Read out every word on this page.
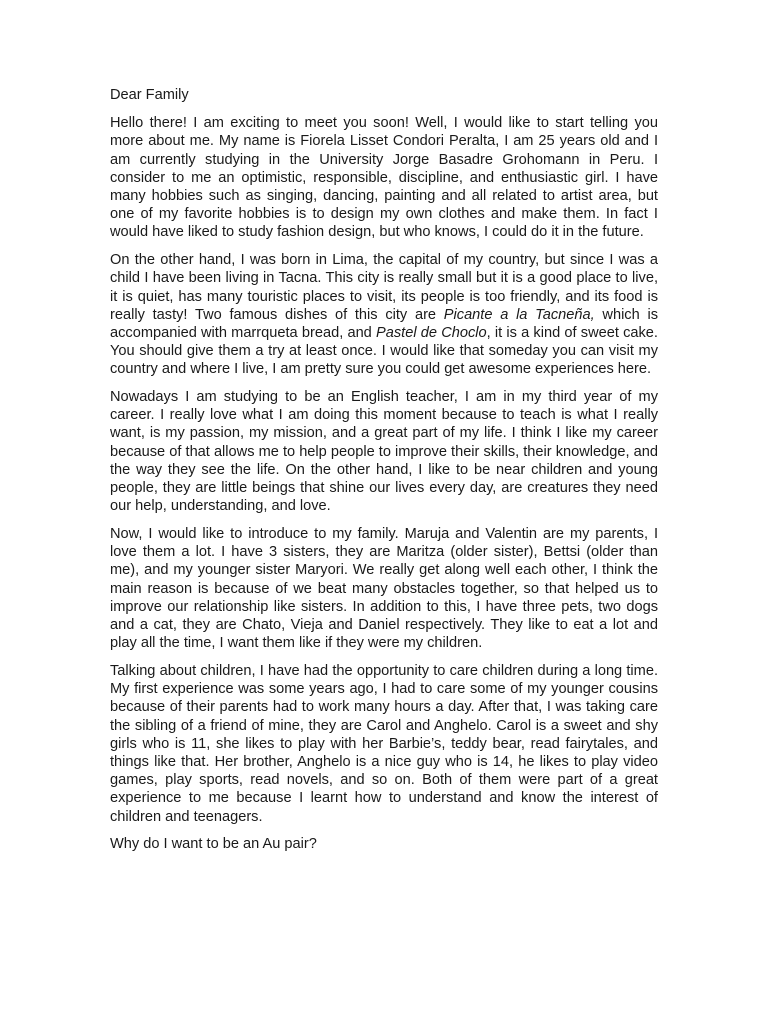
Dear Family

Hello there! I am exciting to meet you soon! Well, I would like to start telling you more about me. My name is Fiorela Lisset Condori Peralta, I am 25 years old and I am currently studying in the University Jorge Basadre Grohomann in Peru. I consider to me an optimistic, responsible, discipline, and enthusiastic girl. I have many hobbies such as singing, dancing, painting and all related to artist area, but one of my favorite hobbies is to design my own clothes and make them. In fact I would have liked to study fashion design, but who knows, I could do it in the future.

On the other hand, I was born in Lima, the capital of my country, but since I was a child I have been living in Tacna. This city is really small but it is a good place to live, it is quiet, has many touristic places to visit, its people is too friendly, and its food is really tasty! Two famous dishes of this city are Picante a la Tacneña, which is accompanied with marrqueta bread, and Pastel de Choclo, it is a kind of sweet cake. You should give them a try at least once. I would like that someday you can visit my country and where I live, I am pretty sure you could get awesome experiences here.

Nowadays I am studying to be an English teacher, I am in my third year of my career. I really love what I am doing this moment because to teach is what I really want, is my passion, my mission, and a great part of my life. I think I like my career because of that allows me to help people to improve their skills, their knowledge, and the way they see the life. On the other hand, I like to be near children and young people, they are little beings that shine our lives every day, are creatures they need our help, understanding, and love.

Now, I would like to introduce to my family. Maruja and Valentin are my parents, I love them a lot. I have 3 sisters, they are Maritza (older sister), Bettsi (older than me), and my younger sister Maryori. We really get along well each other, I think the main reason is because of we beat many obstacles together, so that helped us to improve our relationship like sisters. In addition to this, I have three pets, two dogs and a cat, they are Chato, Vieja and Daniel respectively. They like to eat a lot and play all the time, I want them like if they were my children.

Talking about children, I have had the opportunity to care children during a long time. My first experience was some years ago, I had to care some of my younger cousins because of their parents had to work many hours a day. After that, I was taking care the sibling of a friend of mine, they are Carol and Anghelo. Carol is a sweet and shy girls who is 11, she likes to play with her Barbie’s, teddy bear, read fairytales, and things like that. Her brother, Anghelo is a nice guy who is 14, he likes to play video games, play sports, read novels, and so on. Both of them were part of a great experience to me because I learnt how to understand and know the interest of children and teenagers.

Why do I want to be an Au pair?
